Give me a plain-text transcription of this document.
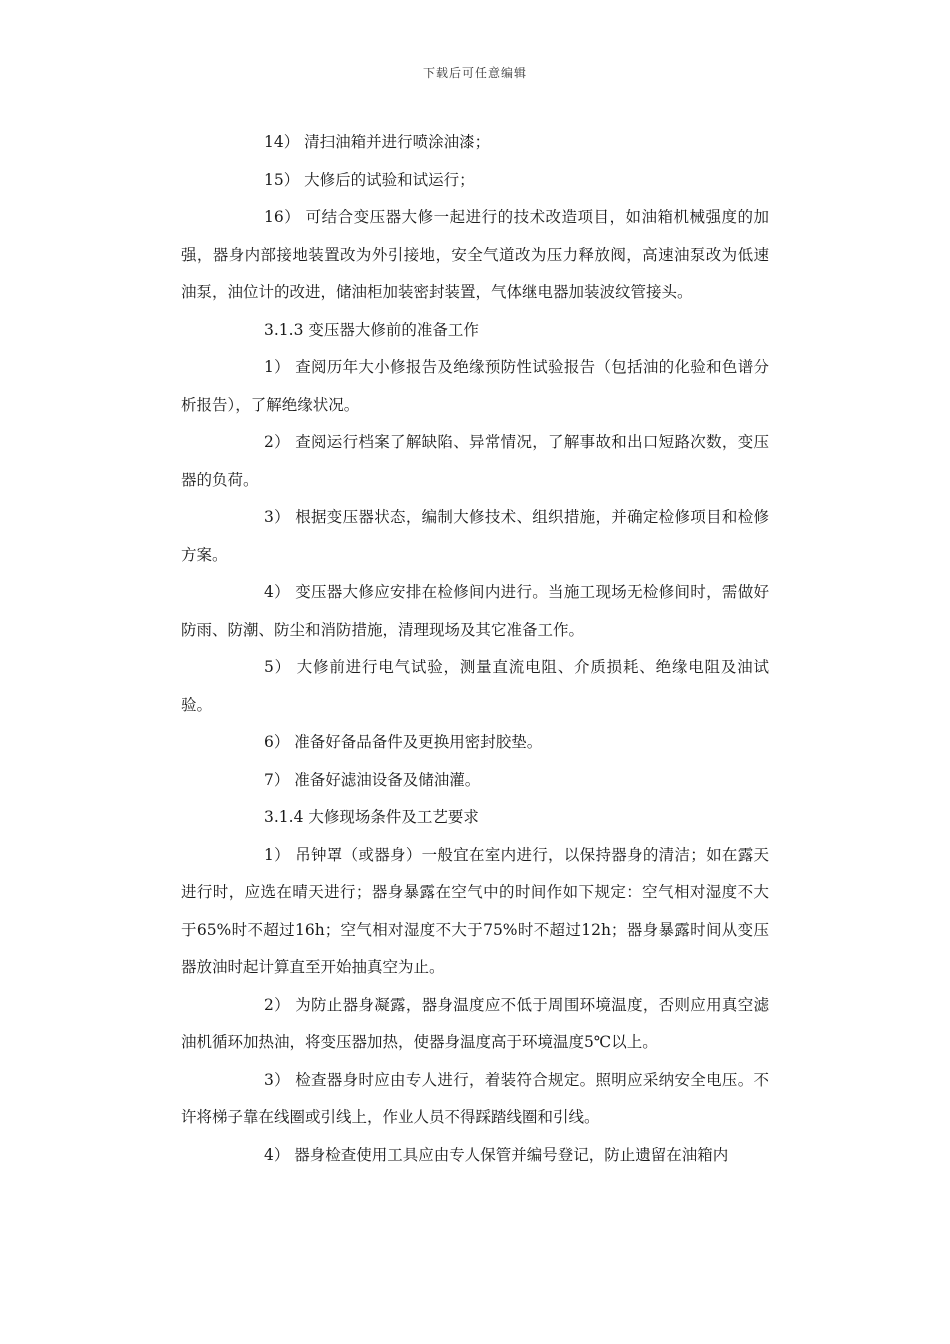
下载后可任意编辑

14） 清扫油箱并进行喷涂油漆；

15） 大修后的试验和试运行；

16） 可结合变压器大修一起进行的技术改造项目，如油箱机械强度的加强，器身内部接地装置改为外引接地，安全气道改为压力释放阀，高速油泵改为低速油泵，油位计的改进，储油柜加装密封装置，气体继电器加装波纹管接头。

3.1.3 变压器大修前的准备工作

1） 查阅历年大小修报告及绝缘预防性试验报告（包括油的化验和色谱分析报告），了解绝缘状况。

2） 查阅运行档案了解缺陷、异常情况，了解事故和出口短路次数，变压器的负荷。

3） 根据变压器状态，编制大修技术、组织措施，并确定检修项目和检修方案。

4） 变压器大修应安排在检修间内进行。当施工现场无检修间时，需做好防雨、防潮、防尘和消防措施，清理现场及其它准备工作。

5） 大修前进行电气试验，测量直流电阻、介质损耗、绝缘电阻及油试验。

6） 准备好备品备件及更换用密封胶垫。

7） 准备好滤油设备及储油灌。

3.1.4 大修现场条件及工艺要求

1） 吊钟罩（或器身）一般宜在室内进行，以保持器身的清洁；如在露天进行时，应选在晴天进行；器身暴露在空气中的时间作如下规定：空气相对湿度不大于65%时不超过16h；空气相对湿度不大于75%时不超过12h；器身暴露时间从变压器放油时起计算直至开始抽真空为止。

2） 为防止器身凝露，器身温度应不低于周围环境温度，否则应用真空滤油机循环加热油，将变压器加热，使器身温度高于环境温度5℃以上。

3） 检查器身时应由专人进行，着装符合规定。照明应采纳安全电压。不许将梯子靠在线圈或引线上，作业人员不得踩踏线圈和引线。

4） 器身检查使用工具应由专人保管并编号登记，防止遗留在油箱内
